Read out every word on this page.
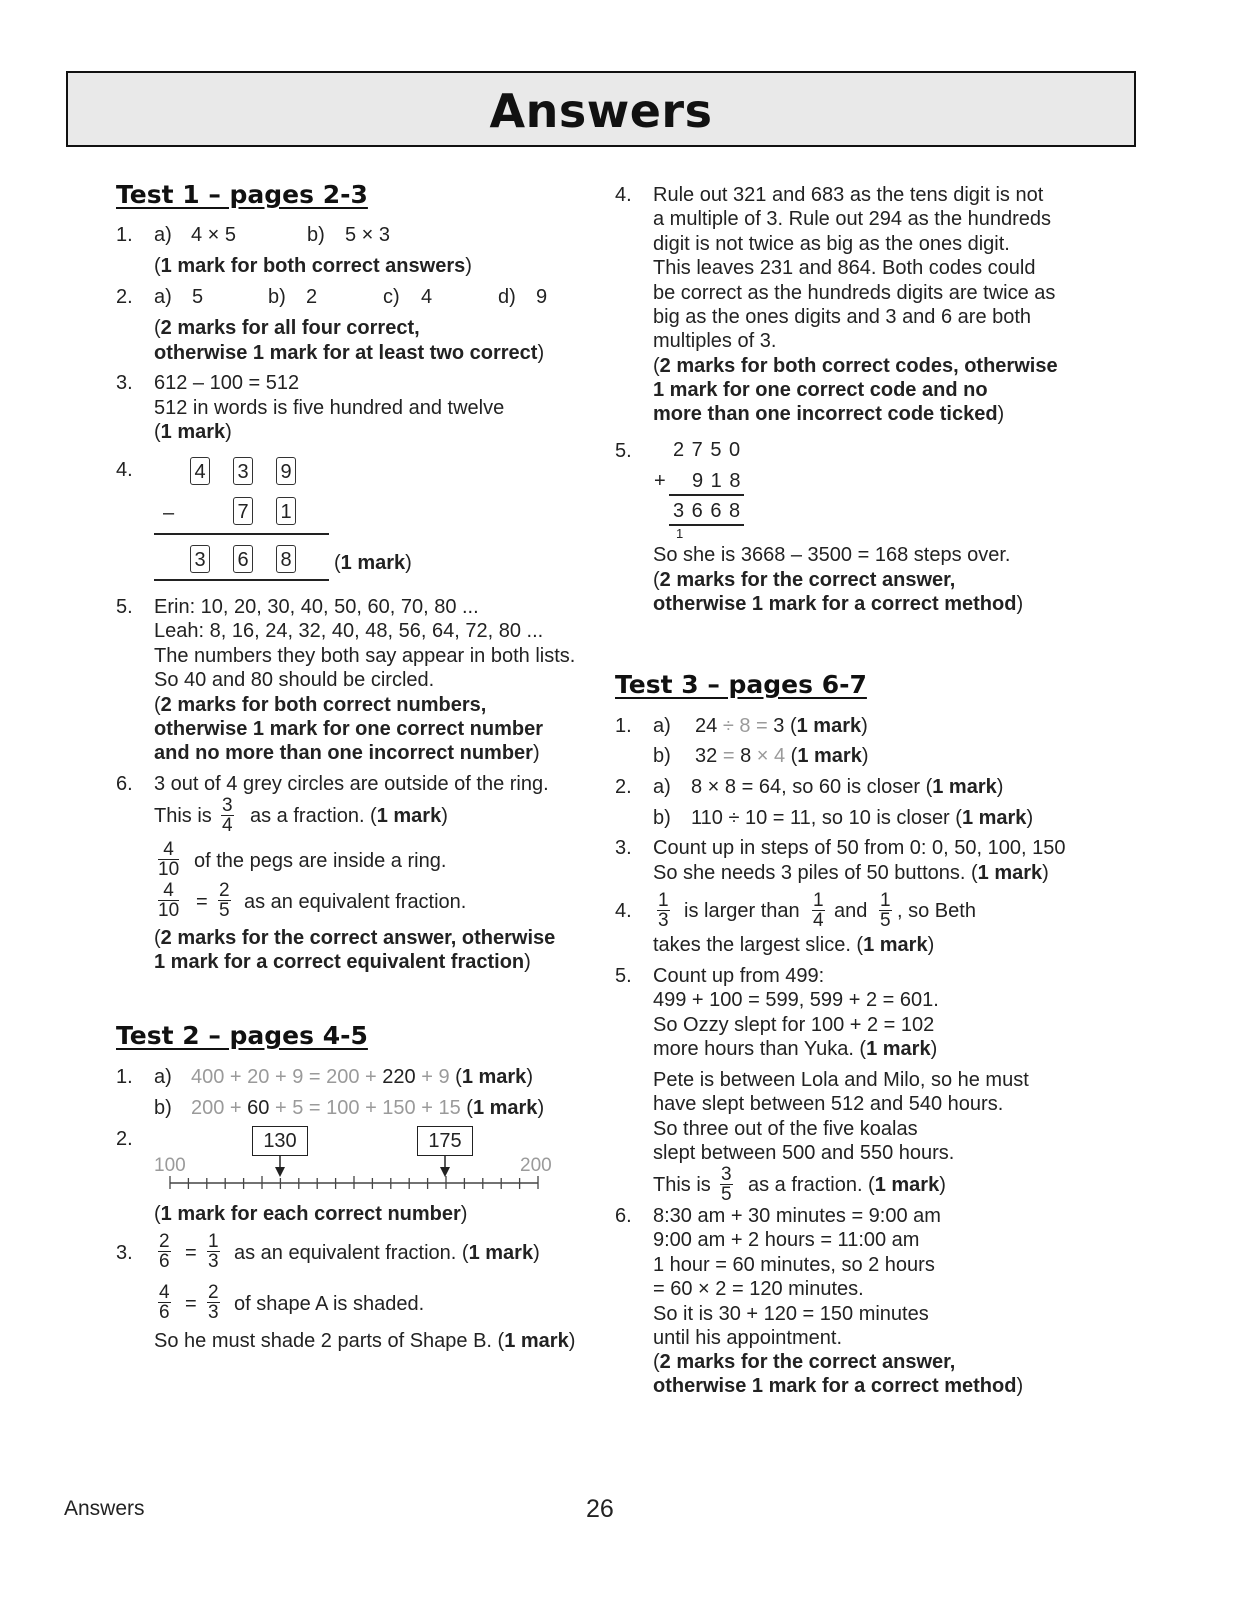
Answers
Test 1 – pages 2-3
1. a) 4 × 5	b) 5 × 3
(1 mark for both correct answers)
2. a) 5	b) 2	c) 4	d) 9
(2 marks for all four correct,
otherwise 1 mark for at least two correct)
3. 612 – 100 = 512
512 in words is five hundred and twelve
(1 mark)
4.	4 3 9
–	7 1
3 6 8 (1 mark)
5. Erin: 10, 20, 30, 40, 50, 60, 70, 80 ...
Leah: 8, 16, 24, 32, 40, 48, 56, 64, 72, 80 ...
The numbers they both say appear in both lists.
So 40 and 80 should be circled.
(2 marks for both correct numbers,
otherwise 1 mark for one correct number
and no more than one incorrect number)
6. 3 out of 4 grey circles are outside of the ring.
This is $\frac{3}{4}$ as a fraction. (1 mark)
$\frac{4}{10}$ of the pegs are inside a ring.
$\frac{4}{10} = \frac{2}{5}$ as an equivalent fraction.
(2 marks for the correct answer, otherwise
1 mark for a correct equivalent fraction)
Test 2 – pages 4-5
1. a) 400 + 20 + 9 = 200 + 220 + 9 (1 mark)
b) 200 + 60 + 5 = 100 + 150 + 15 (1 mark)
2.	130	175
100	200
(1 mark for each correct number)
3. $\frac{2}{6} = \frac{1}{3}$ as an equivalent fraction. (1 mark)
$\frac{4}{6} = \frac{2}{3}$ of shape A is shaded.
So he must shade 2 parts of Shape B. (1 mark)
4. Rule out 321 and 683 as the tens digit is not
a multiple of 3. Rule out 294 as the hundreds
digit is not twice as big as the ones digit.
This leaves 231 and 864. Both codes could
be correct as the hundreds digits are twice as
big as the ones digits and 3 and 6 are both
multiples of 3.
(2 marks for both correct codes, otherwise
1 mark for one correct code and no
more than one incorrect code ticked)
5. 2 7 5 0
+ 9 1 8
3 6 6 8
1
So she is 3668 – 3500 = 168 steps over.
(2 marks for the correct answer,
otherwise 1 mark for a correct method)
Test 3 – pages 6-7
1. a) 24 ÷ 8 = 3 (1 mark)
b) 32 = 8 × 4 (1 mark)
2. a) 8 × 8 = 64, so 60 is closer (1 mark)
b) 110 ÷ 10 = 11, so 10 is closer (1 mark)
3. Count up in steps of 50 from 0: 0, 50, 100, 150
So she needs 3 piles of 50 buttons. (1 mark)
4. $\frac{1}{3}$ is larger than $\frac{1}{4}$ and $\frac{1}{5}$ , so Beth
takes the largest slice. (1 mark)
5. Count up from 499:
499 + 100 = 599, 599 + 2 = 601.
So Ozzy slept for 100 + 2 = 102
more hours than Yuka. (1 mark)
Pete is between Lola and Milo, so he must
have slept between 512 and 540 hours.
So three out of the five koalas
slept between 500 and 550 hours.
This is $\frac{3}{5}$ as a fraction. (1 mark)
6. 8:30 am + 30 minutes = 9:00 am
9:00 am + 2 hours = 11:00 am
1 hour = 60 minutes, so 2 hours
= 60 × 2 = 120 minutes.
So it is 30 + 120 = 150 minutes
until his appointment.
(2 marks for the correct answer,
otherwise 1 mark for a correct method)
Answers	26
